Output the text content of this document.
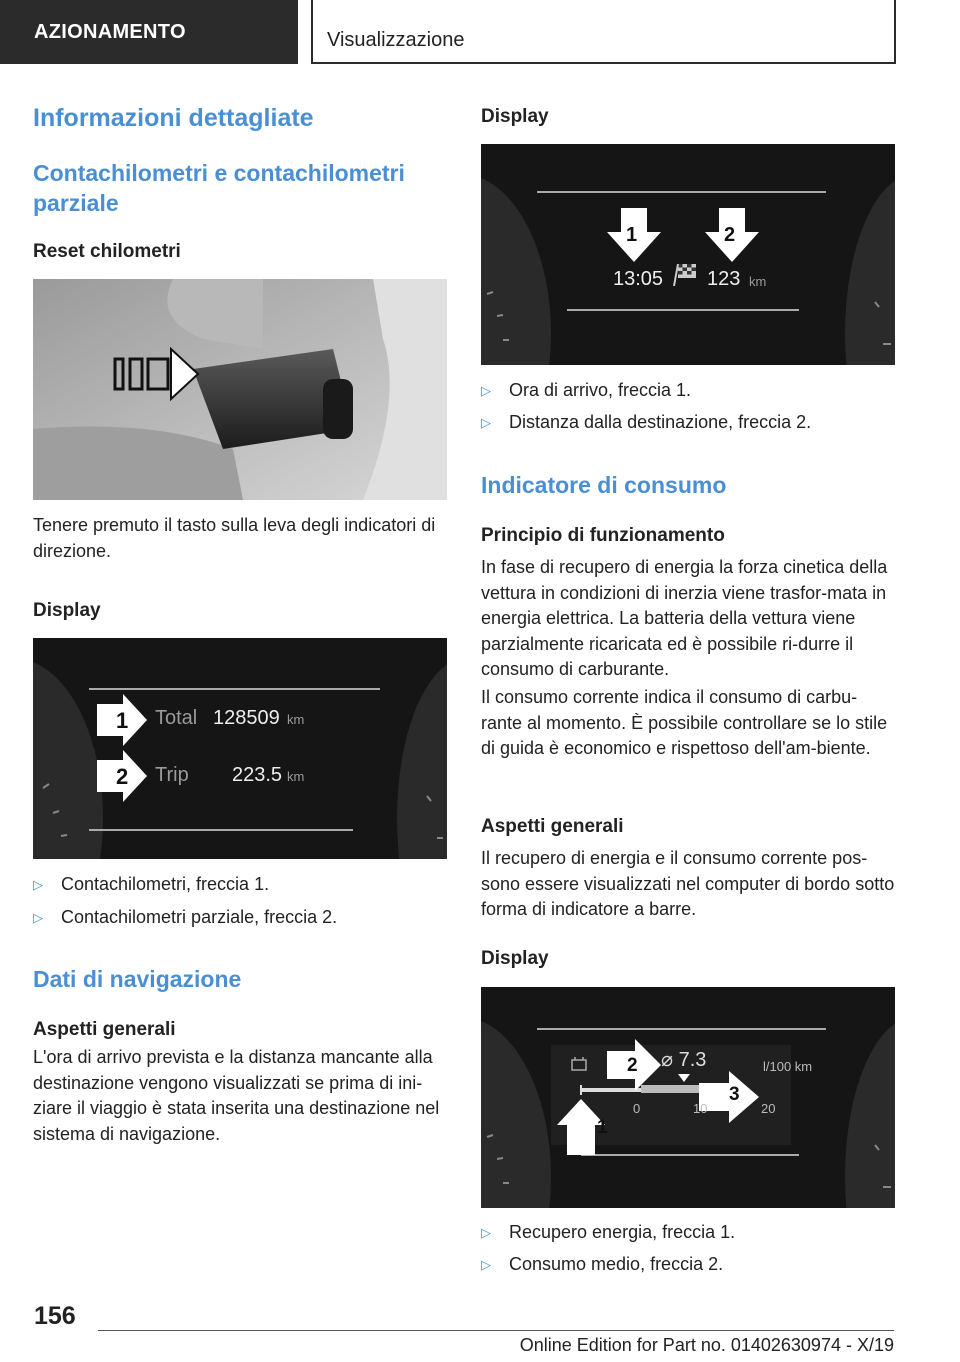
AZIONAMENTO	Visualizzazione
Informazioni dettagliate
Contachilometri e contachilometri parziale
Reset chilometri
Tenere premuto il tasto sulla leva degli indicatori di direzione.
Display
1
2
Total 128509 km
Trip 223.5 km
▷ Contachilometri, freccia 1.
▷ Contachilometri parziale, freccia 2.
Dati di navigazione
Aspetti generali
L'ora di arrivo prevista e la distanza mancante alla destinazione vengono visualizzati se prima di ini-ziare il viaggio è stata inserita una destinazione nel sistema di navigazione.
Display
1	2
13:05 123 km
▷ Ora di arrivo, freccia 1.
▷ Distanza dalla destinazione, freccia 2.
Indicatore di consumo
Principio di funzionamento
In fase di recupero di energia la forza cinetica della vettura in condizioni di inerzia viene trasfor-mata in energia elettrica. La batteria della vettura viene parzialmente ricaricata ed è possibile ri-durre il consumo di carburante.
Il consumo corrente indica il consumo di carbu-rante al momento. È possibile controllare se lo stile di guida è economico e rispettoso dell'am-biente.
Aspetti generali
Il recupero di energia e il consumo corrente pos-sono essere visualizzati nel computer di bordo sotto forma di indicatore a barre.
Display
2
3
1
⌀ 7.3	l/100 km
0	10	20
▷ Recupero energia, freccia 1.
▷ Consumo medio, freccia 2.
156
Online Edition for Part no. 01402630974 - X/19
